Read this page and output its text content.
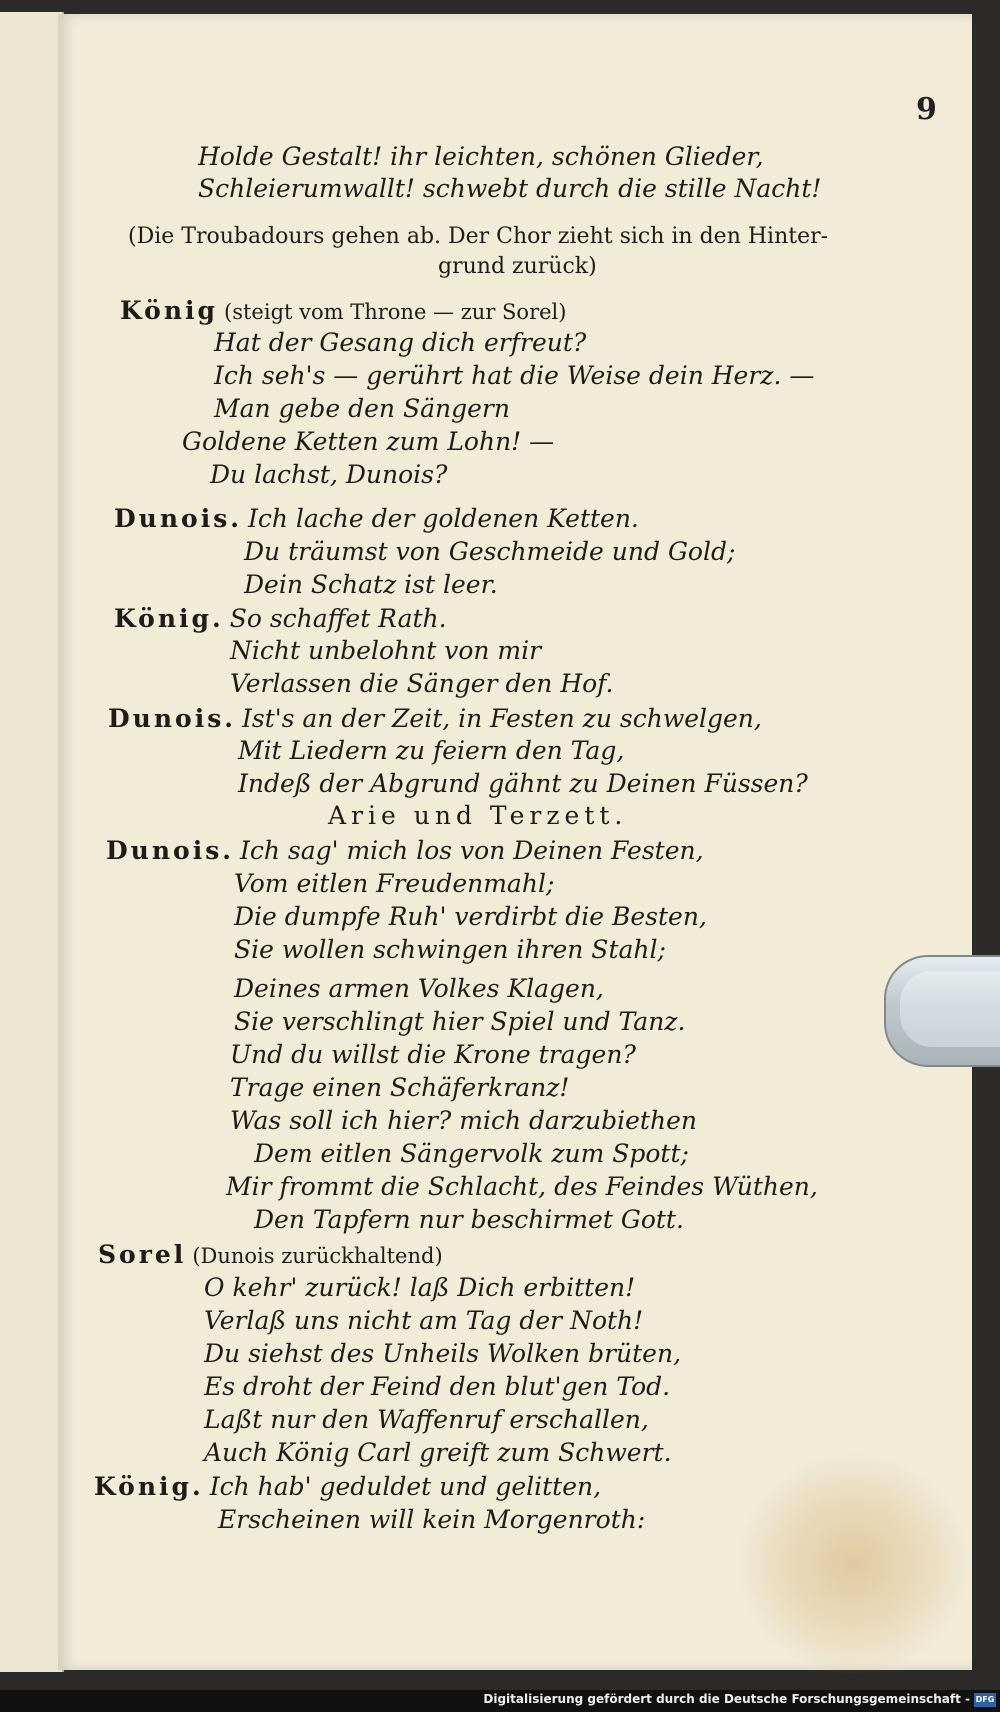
9
Holde Gestalt! ihr leichten, schönen Glieder,
Schleierumwallt! schwebt durch die stille Nacht!
(Die Troubadours gehen ab. Der Chor zieht sich in den Hinter-
grund zurück)
König (steigt vom Throne — zur Sorel)
Hat der Gesang dich erfreut?
Ich seh's — gerührt hat die Weise dein Herz. —
Man gebe den Sängern
Goldene Ketten zum Lohn! —
Du lachst, Dunois?
Dunois. Ich lache der goldenen Ketten.
Du träumst von Geschmeide und Gold;
Dein Schatz ist leer.
König. So schaffet Rath.
Nicht unbelohnt von mir
Verlassen die Sänger den Hof.
Dunois. Ist's an der Zeit, in Festen zu schwelgen,
Mit Liedern zu feiern den Tag,
Indeß der Abgrund gähnt zu Deinen Füssen?
Arie und Terzett.
Dunois. Ich sag' mich los von Deinen Festen,
Vom eitlen Freudenmahl;
Die dumpfe Ruh' verdirbt die Besten,
Sie wollen schwingen ihren Stahl;
Deines armen Volkes Klagen,
Sie verschlingt hier Spiel und Tanz.
Und du willst die Krone tragen?
Trage einen Schäferkranz!
Was soll ich hier? mich darzubiethen
Dem eitlen Sängervolk zum Spott;
Mir frommt die Schlacht, des Feindes Wüthen,
Den Tapfern nur beschirmet Gott.
Sorel (Dunois zurückhaltend)
O kehr' zurück! laß Dich erbitten!
Verlaß uns nicht am Tag der Noth!
Du siehst des Unheils Wolken brüten,
Es droht der Feind den blut'gen Tod.
Laßt nur den Waffenruf erschallen,
Auch König Carl greift zum Schwert.
König. Ich hab' geduldet und gelitten,
Erscheinen will kein Morgenroth:
Digitalisierung gefördert durch die Deutsche Forschungsgemeinschaft - DFG
